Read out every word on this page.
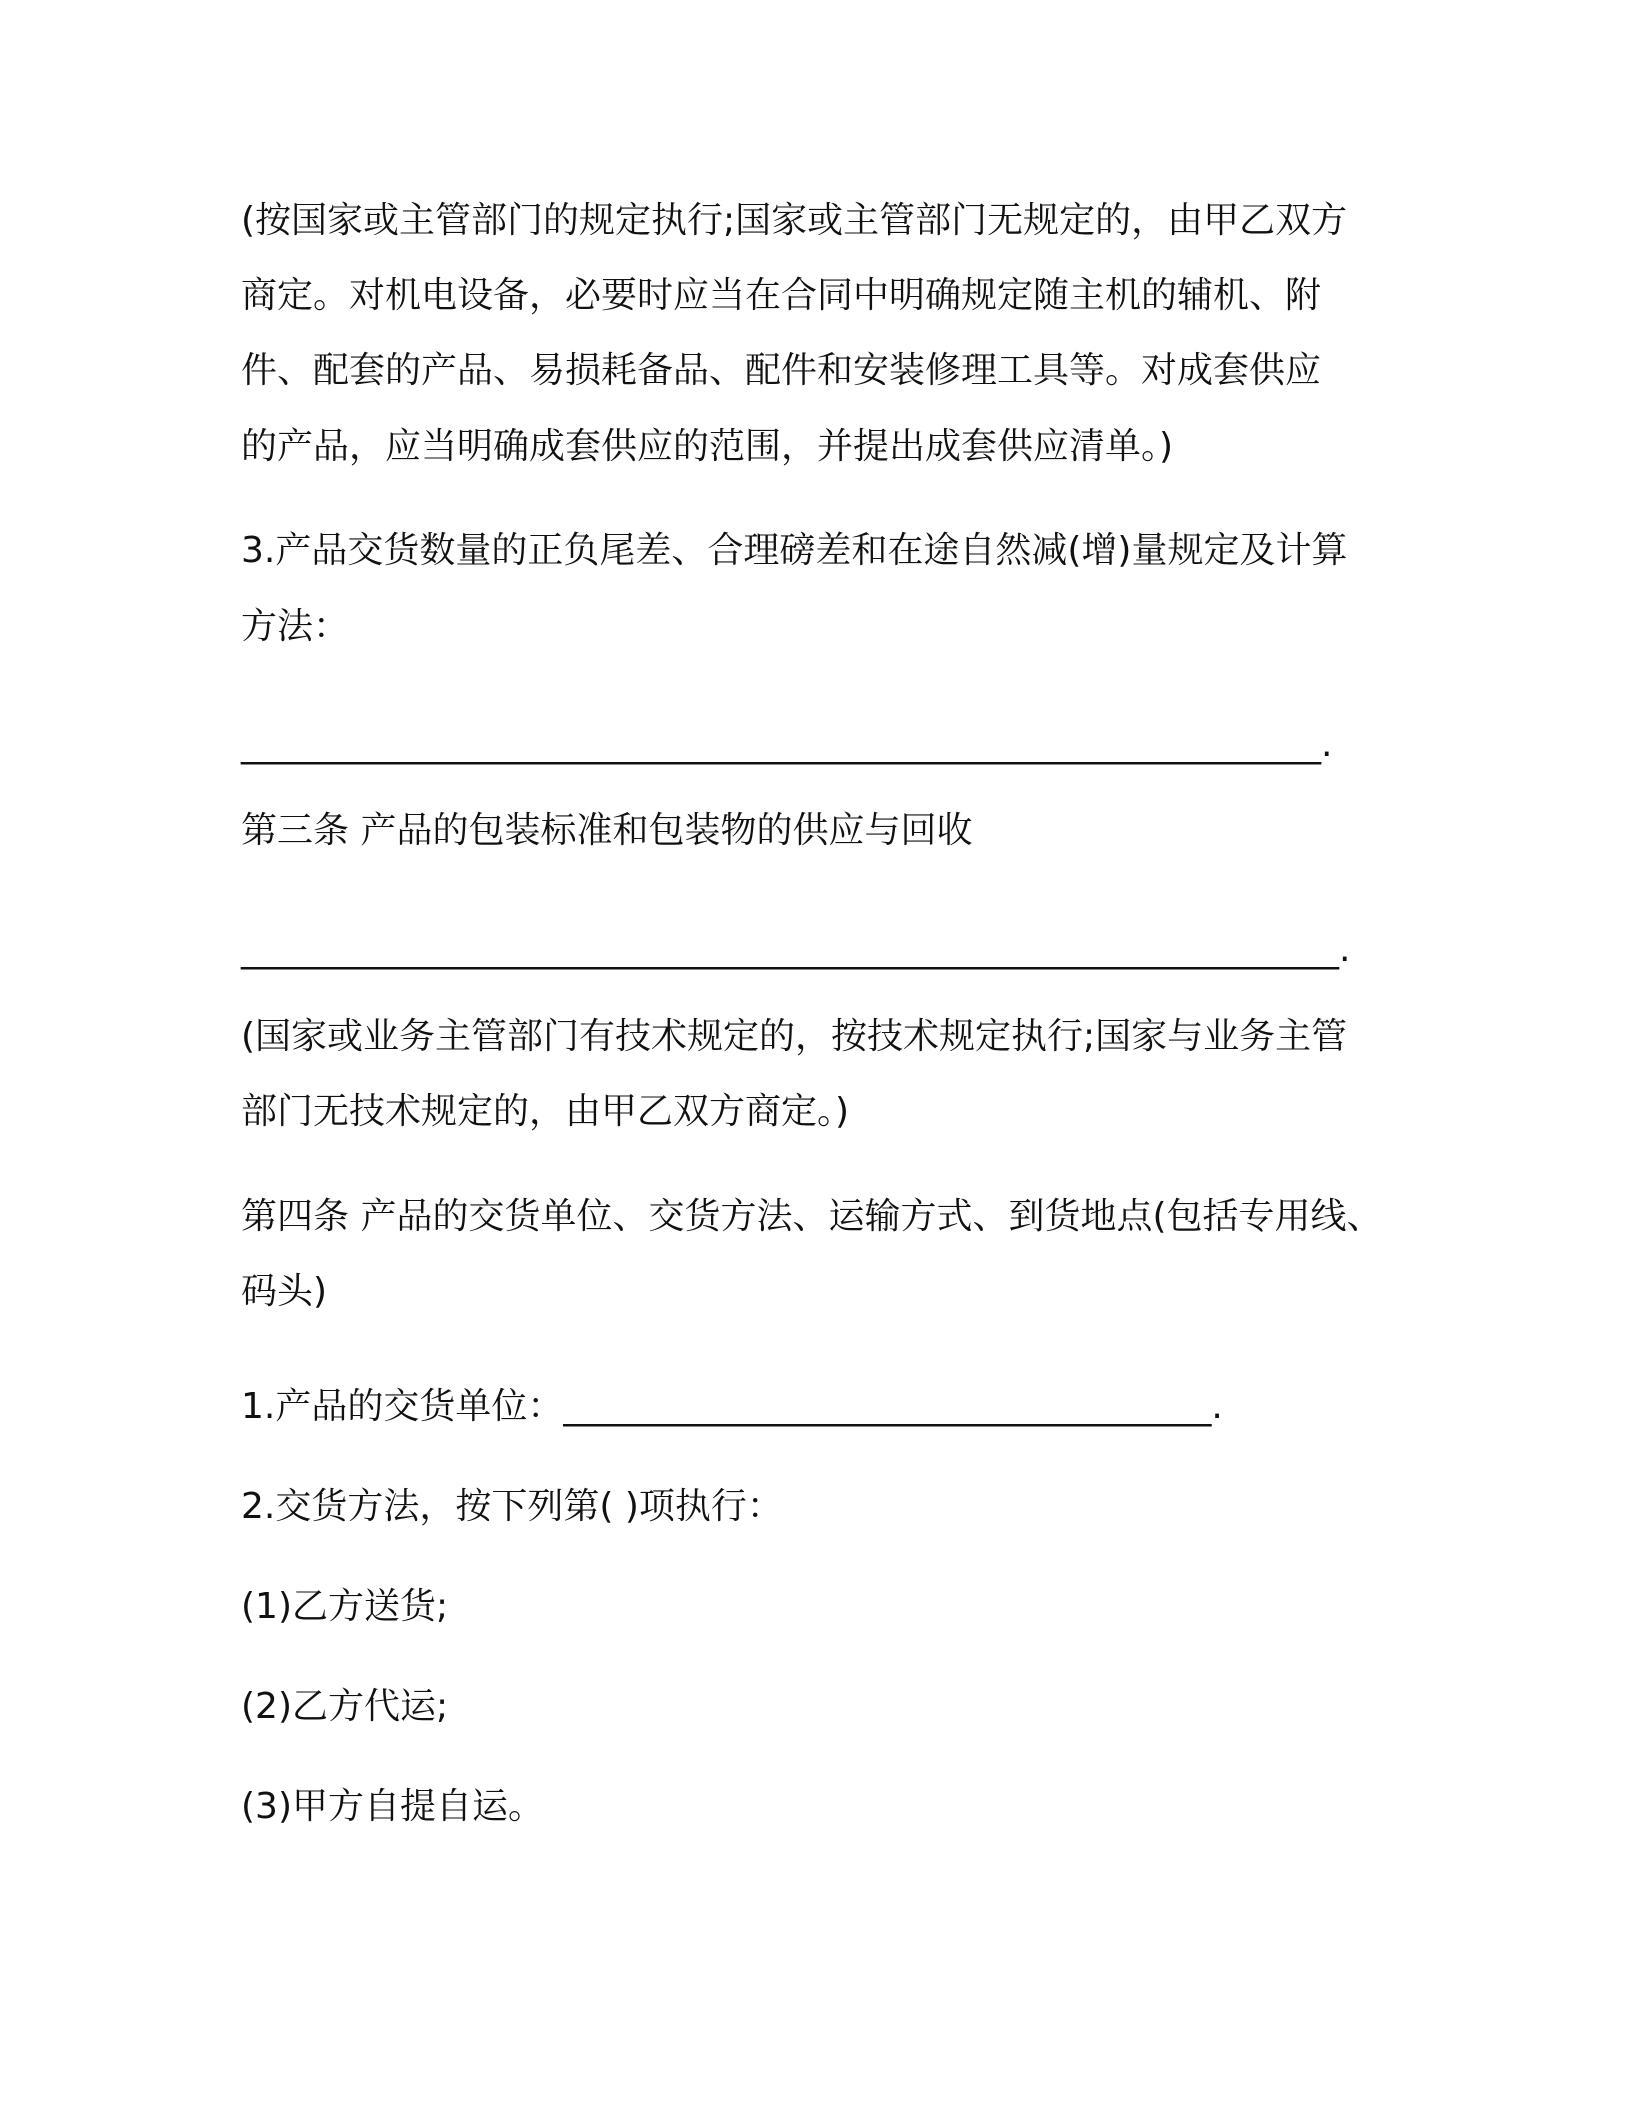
(按国家或主管部门的规定执行;国家或主管部门无规定的，由甲乙双方
商定。对机电设备，必要时应当在合同中明确规定随主机的辅机、附
件、配套的产品、易损耗备品、配件和安装修理工具等。对成套供应
的产品，应当明确成套供应的范围，并提出成套供应清单。)
3.产品交货数量的正负尾差、合理磅差和在途自然减(增)量规定及计算
方法：
____________________________________________________________.
第三条 产品的包装标准和包装物的供应与回收
_____________________________________________________________.
(国家或业务主管部门有技术规定的，按技术规定执行;国家与业务主管
部门无技术规定的，由甲乙双方商定。)
第四条 产品的交货单位、交货方法、运输方式、到货地点(包括专用线、
码头)
1.产品的交货单位：____________________________________.
2.交货方法，按下列第( )项执行：
(1)乙方送货;
(2)乙方代运;
(3)甲方自提自运。
